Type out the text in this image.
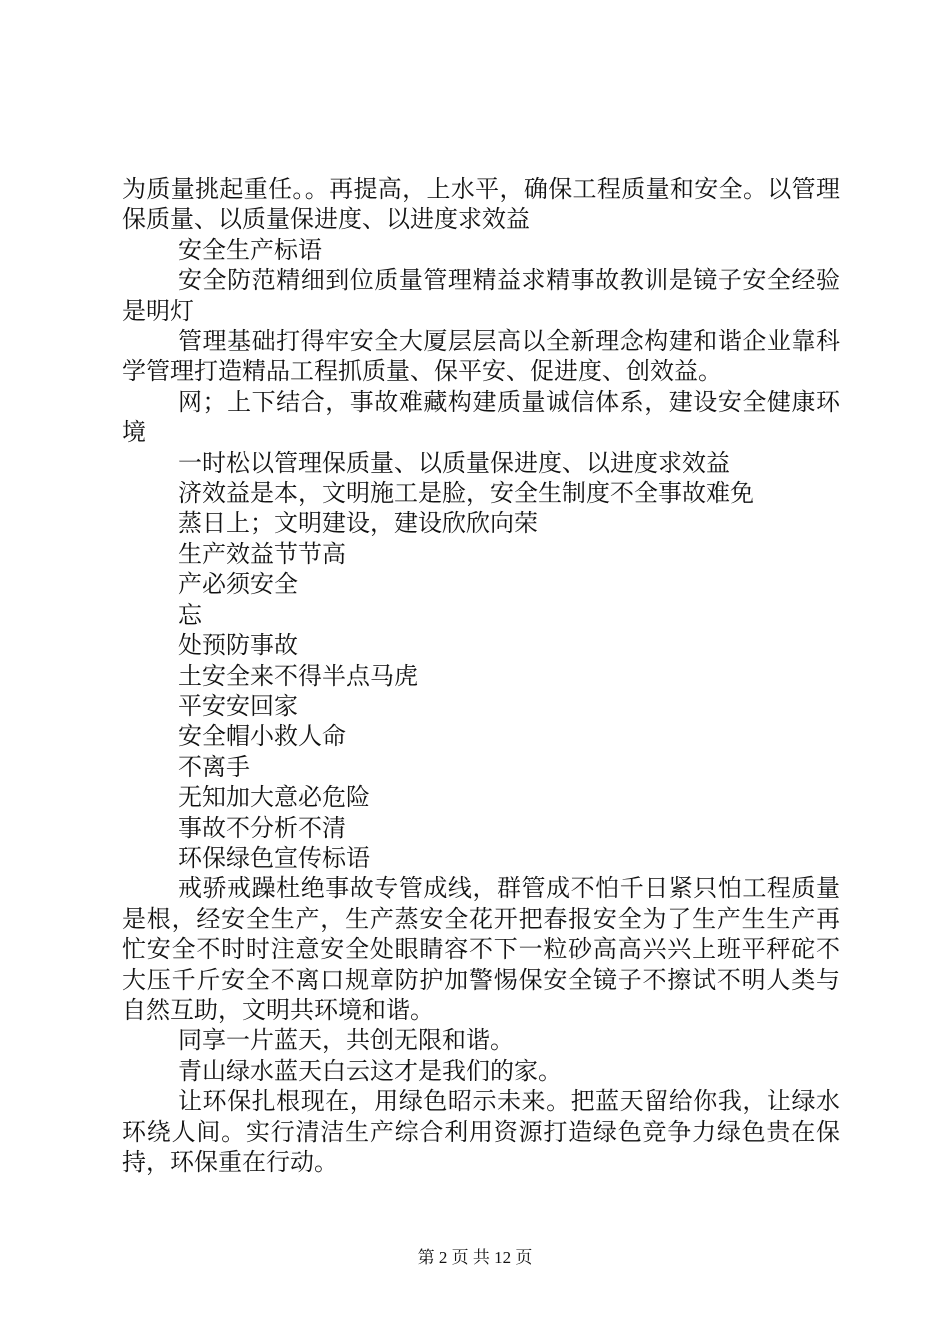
为质量挑起重任。。再提高，上水平，确保工程质量和安全。以管理保质量、以质量保进度、以进度求效益

安全生产标语

安全防范精细到位质量管理精益求精事故教训是镜子安全经验是明灯

管理基础打得牢安全大厦层层高以全新理念构建和谐企业靠科学管理打造精品工程抓质量、保平安、促进度、创效益。

网；上下结合，事故难藏构建质量诚信体系，建设安全健康环境

一时松以管理保质量、以质量保进度、以进度求效益

济效益是本，文明施工是脸，安全生制度不全事故难免

蒸日上；文明建设，建设欣欣向荣

生产效益节节高

产必须安全

忘

处预防事故

土安全来不得半点马虎

平安安回家

安全帽小救人命

不离手

无知加大意必危险

事故不分析不清

环保绿色宣传标语

戒骄戒躁杜绝事故专管成线，群管成不怕千日紧只怕工程质量是根，经安全生产，生产蒸安全花开把春报安全为了生产生生产再忙安全不时时注意安全处眼睛容不下一粒砂高高兴兴上班平秤砣不大压千斤安全不离口规章防护加警惕保安全镜子不擦试不明人类与自然互助，文明共环境和谐。

同享一片蓝天，共创无限和谐。

青山绿水蓝天白云这才是我们的家。

让环保扎根现在，用绿色昭示未来。把蓝天留给你我，让绿水环绕人间。实行清洁生产综合利用资源打造绿色竞争力绿色贵在保持，环保重在行动。

第 2 页 共 12 页
